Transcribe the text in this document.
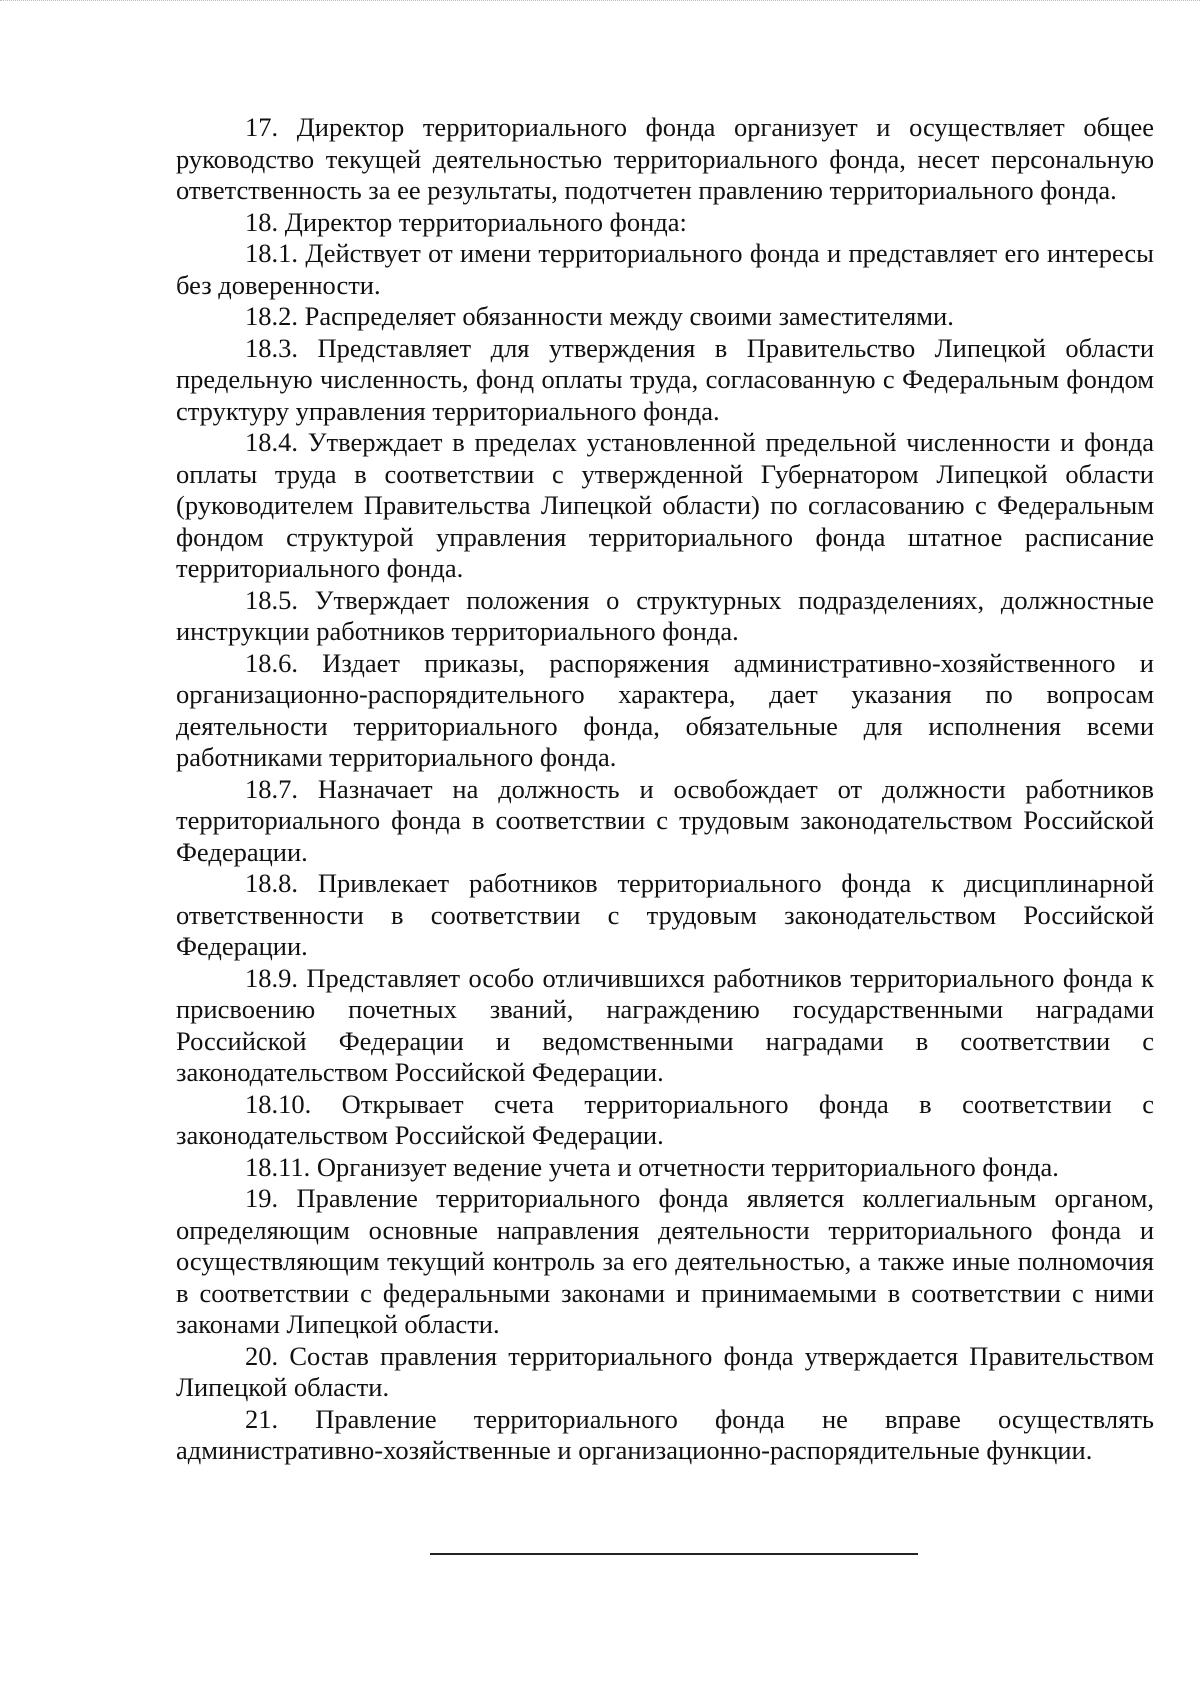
17. Директор территориального фонда организует и осуществляет общее руководство текущей деятельностью территориального фонда, несет персональную ответственность за ее результаты, подотчетен правлению территориального фонда.

18. Директор территориального фонда:

18.1. Действует от имени территориального фонда и представляет его интересы без доверенности.

18.2. Распределяет обязанности между своими заместителями.

18.3. Представляет для утверждения в Правительство Липецкой области предельную численность, фонд оплаты труда, согласованную с Федеральным фондом структуру управления территориального фонда.

18.4. Утверждает в пределах установленной предельной численности и фонда оплаты труда в соответствии с утвержденной Губернатором Липецкой области (руководителем Правительства Липецкой области) по согласованию с Федеральным фондом структурой управления территориального фонда штатное расписание территориального фонда.

18.5. Утверждает положения о структурных подразделениях, должностные инструкции работников территориального фонда.

18.6. Издает приказы, распоряжения административно-хозяйственного и организационно-распорядительного характера, дает указания по вопросам деятельности территориального фонда, обязательные для исполнения всеми работниками территориального фонда.

18.7. Назначает на должность и освобождает от должности работников территориального фонда в соответствии с трудовым законодательством Российской Федерации.

18.8. Привлекает работников территориального фонда к дисциплинарной ответственности в соответствии с трудовым законодательством Российской Федерации.

18.9. Представляет особо отличившихся работников территориального фонда к присвоению почетных званий, награждению государственными наградами Российской Федерации и ведомственными наградами в соответствии с законодательством Российской Федерации.

18.10. Открывает счета территориального фонда в соответствии с законодательством Российской Федерации.

18.11. Организует ведение учета и отчетности территориального фонда.

19. Правление территориального фонда является коллегиальным органом, определяющим основные направления деятельности территориального фонда и осуществляющим текущий контроль за его деятельностью, а также иные полномочия в соответствии с федеральными законами и принимаемыми в соответствии с ними законами Липецкой области.

20. Состав правления территориального фонда утверждается Правительством Липецкой области.

21. Правление территориального фонда не вправе осуществлять административно-хозяйственные и организационно-распорядительные функции.
